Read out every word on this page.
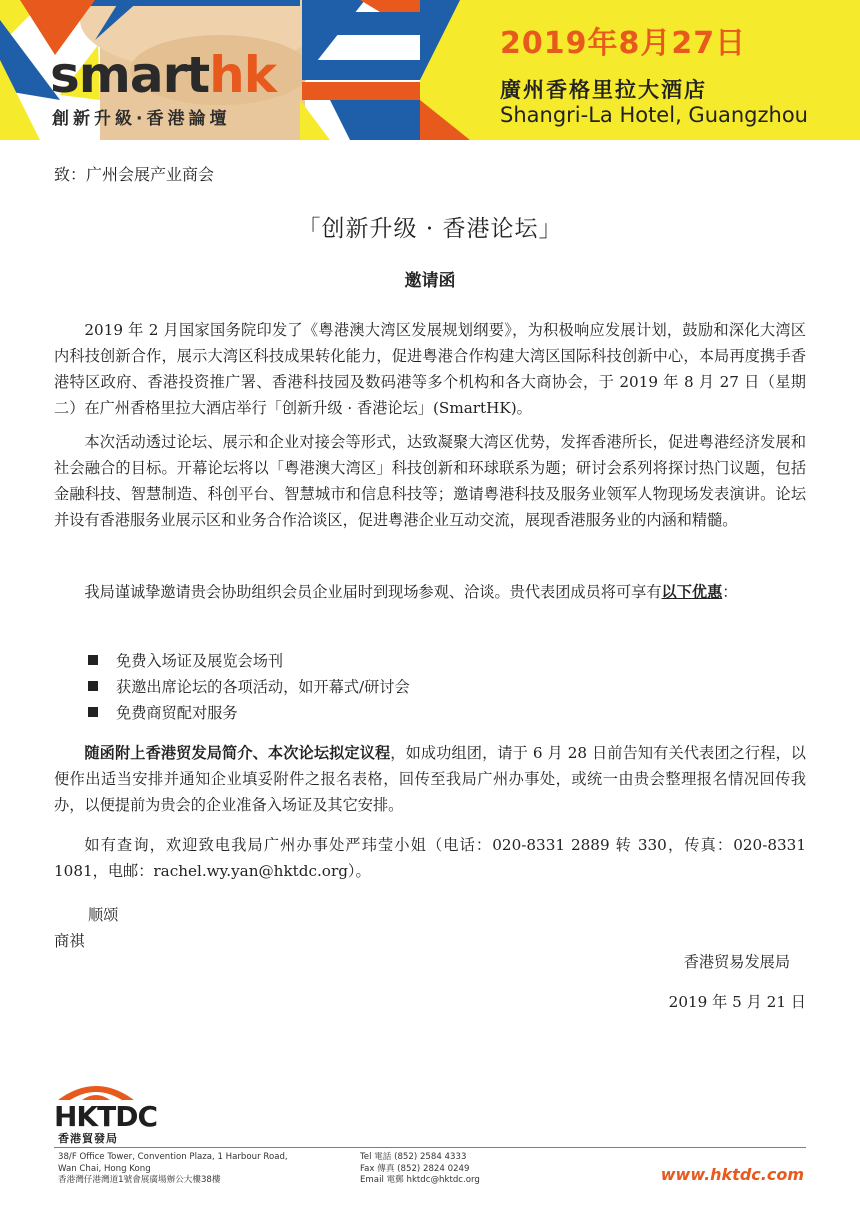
smarthk
創新升級·香港論壇
2019年8月27日
廣州香格里拉大酒店
Shangri-La Hotel, Guangzhou
致：广州会展产业商会
「创新升级 · 香港论坛」
邀请函

2019 年 2 月国家国务院印发了《粤港澳大湾区发展规划纲要》，为积极响应发展计划，鼓励和深化大湾区内科技创新合作，展示大湾区科技成果转化能力，促进粤港合作构建大湾区国际科技创新中心，本局再度携手香港特区政府、香港投资推广署、香港科技园及数码港等多个机构和各大商协会，于 2019 年 8 月 27 日（星期二）在广州香格里拉大酒店举行「创新升级 · 香港论坛」(SmartHK)。

本次活动透过论坛、展示和企业对接会等形式，达致凝聚大湾区优势，发挥香港所长，促进粤港经济发展和社会融合的目标。开幕论坛将以「粤港澳大湾区」科技创新和环球联系为题；研讨会系列将探讨热门议题，包括金融科技、智慧制造、科创平台、智慧城市和信息科技等；邀请粤港科技及服务业领军人物现场发表演讲。论坛并设有香港服务业展示区和业务合作洽谈区，促进粤港企业互动交流，展现香港服务业的内涵和精髓。

我局谨诚挚邀请贵会协助组织会员企业届时到现场参观、洽谈。贵代表团成员将可享有以下优惠：

免费入场证及展览会场刊
获邀出席论坛的各项活动，如开幕式/研讨会
免费商贸配对服务

随函附上香港贸发局简介、本次论坛拟定议程，如成功组团，请于 6 月 28 日前告知有关代表团之行程，以便作出适当安排并通知企业填妥附件之报名表格，回传至我局广州办事处，或统一由贵会整理报名情况回传我办，以便提前为贵会的企业准备入场证及其它安排。

如有查询，欢迎致电我局广州办事处严玮莹小姐（电话：020-8331 2889 转 330，传真：020-8331 1081，电邮：rachel.wy.yan@hktdc.org）。

顺颂
商祺
香港贸易发展局
2019 年 5 月 21 日
HKTDC
香港貿發局
38/F Office Tower, Convention Plaza, 1 Harbour Road,
Wan Chai, Hong Kong
香港灣仔港灣道1號會展廣場辦公大樓38樓
Tel 電話 (852) 2584 4333
Fax 傳真 (852) 2824 0249
Email 電郵 hktdc@hktdc.org	www.hktdc.com
